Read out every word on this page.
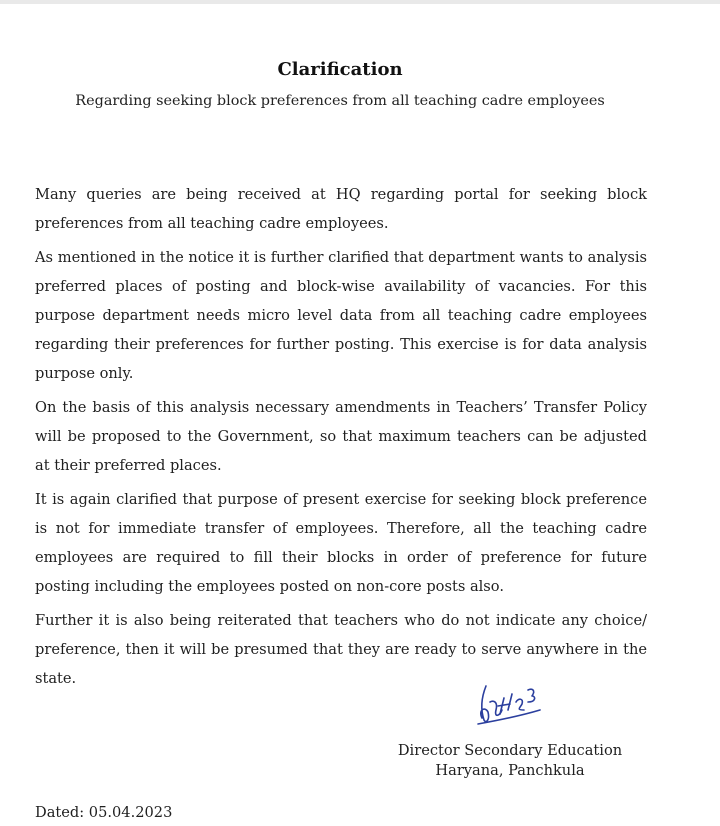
Clarification
Regarding seeking block preferences from all teaching cadre employees

Many queries are being received at HQ regarding portal for seeking block preferences from all teaching cadre employees.

As mentioned in the notice it is further clarified that department wants to analysis preferred places of posting and block-wise availability of vacancies. For this purpose department needs micro level data from all teaching cadre employees regarding their preferences for further posting. This exercise is for data analysis purpose only.

On the basis of this analysis necessary amendments in Teachers’ Transfer Policy will be proposed to the Government, so that maximum teachers can be adjusted at their preferred places.

It is again clarified that purpose of present exercise for seeking block preference is not for immediate transfer of employees. Therefore, all the teaching cadre employees are required to fill their blocks in order of preference for future posting including the employees posted on non-core posts also.

Further it is also being reiterated that teachers who do not indicate any choice/ preference, then it will be presumed that they are ready to serve anywhere in the state.

Director Secondary Education
Haryana, Panchkula
Dated: 05.04.2023
